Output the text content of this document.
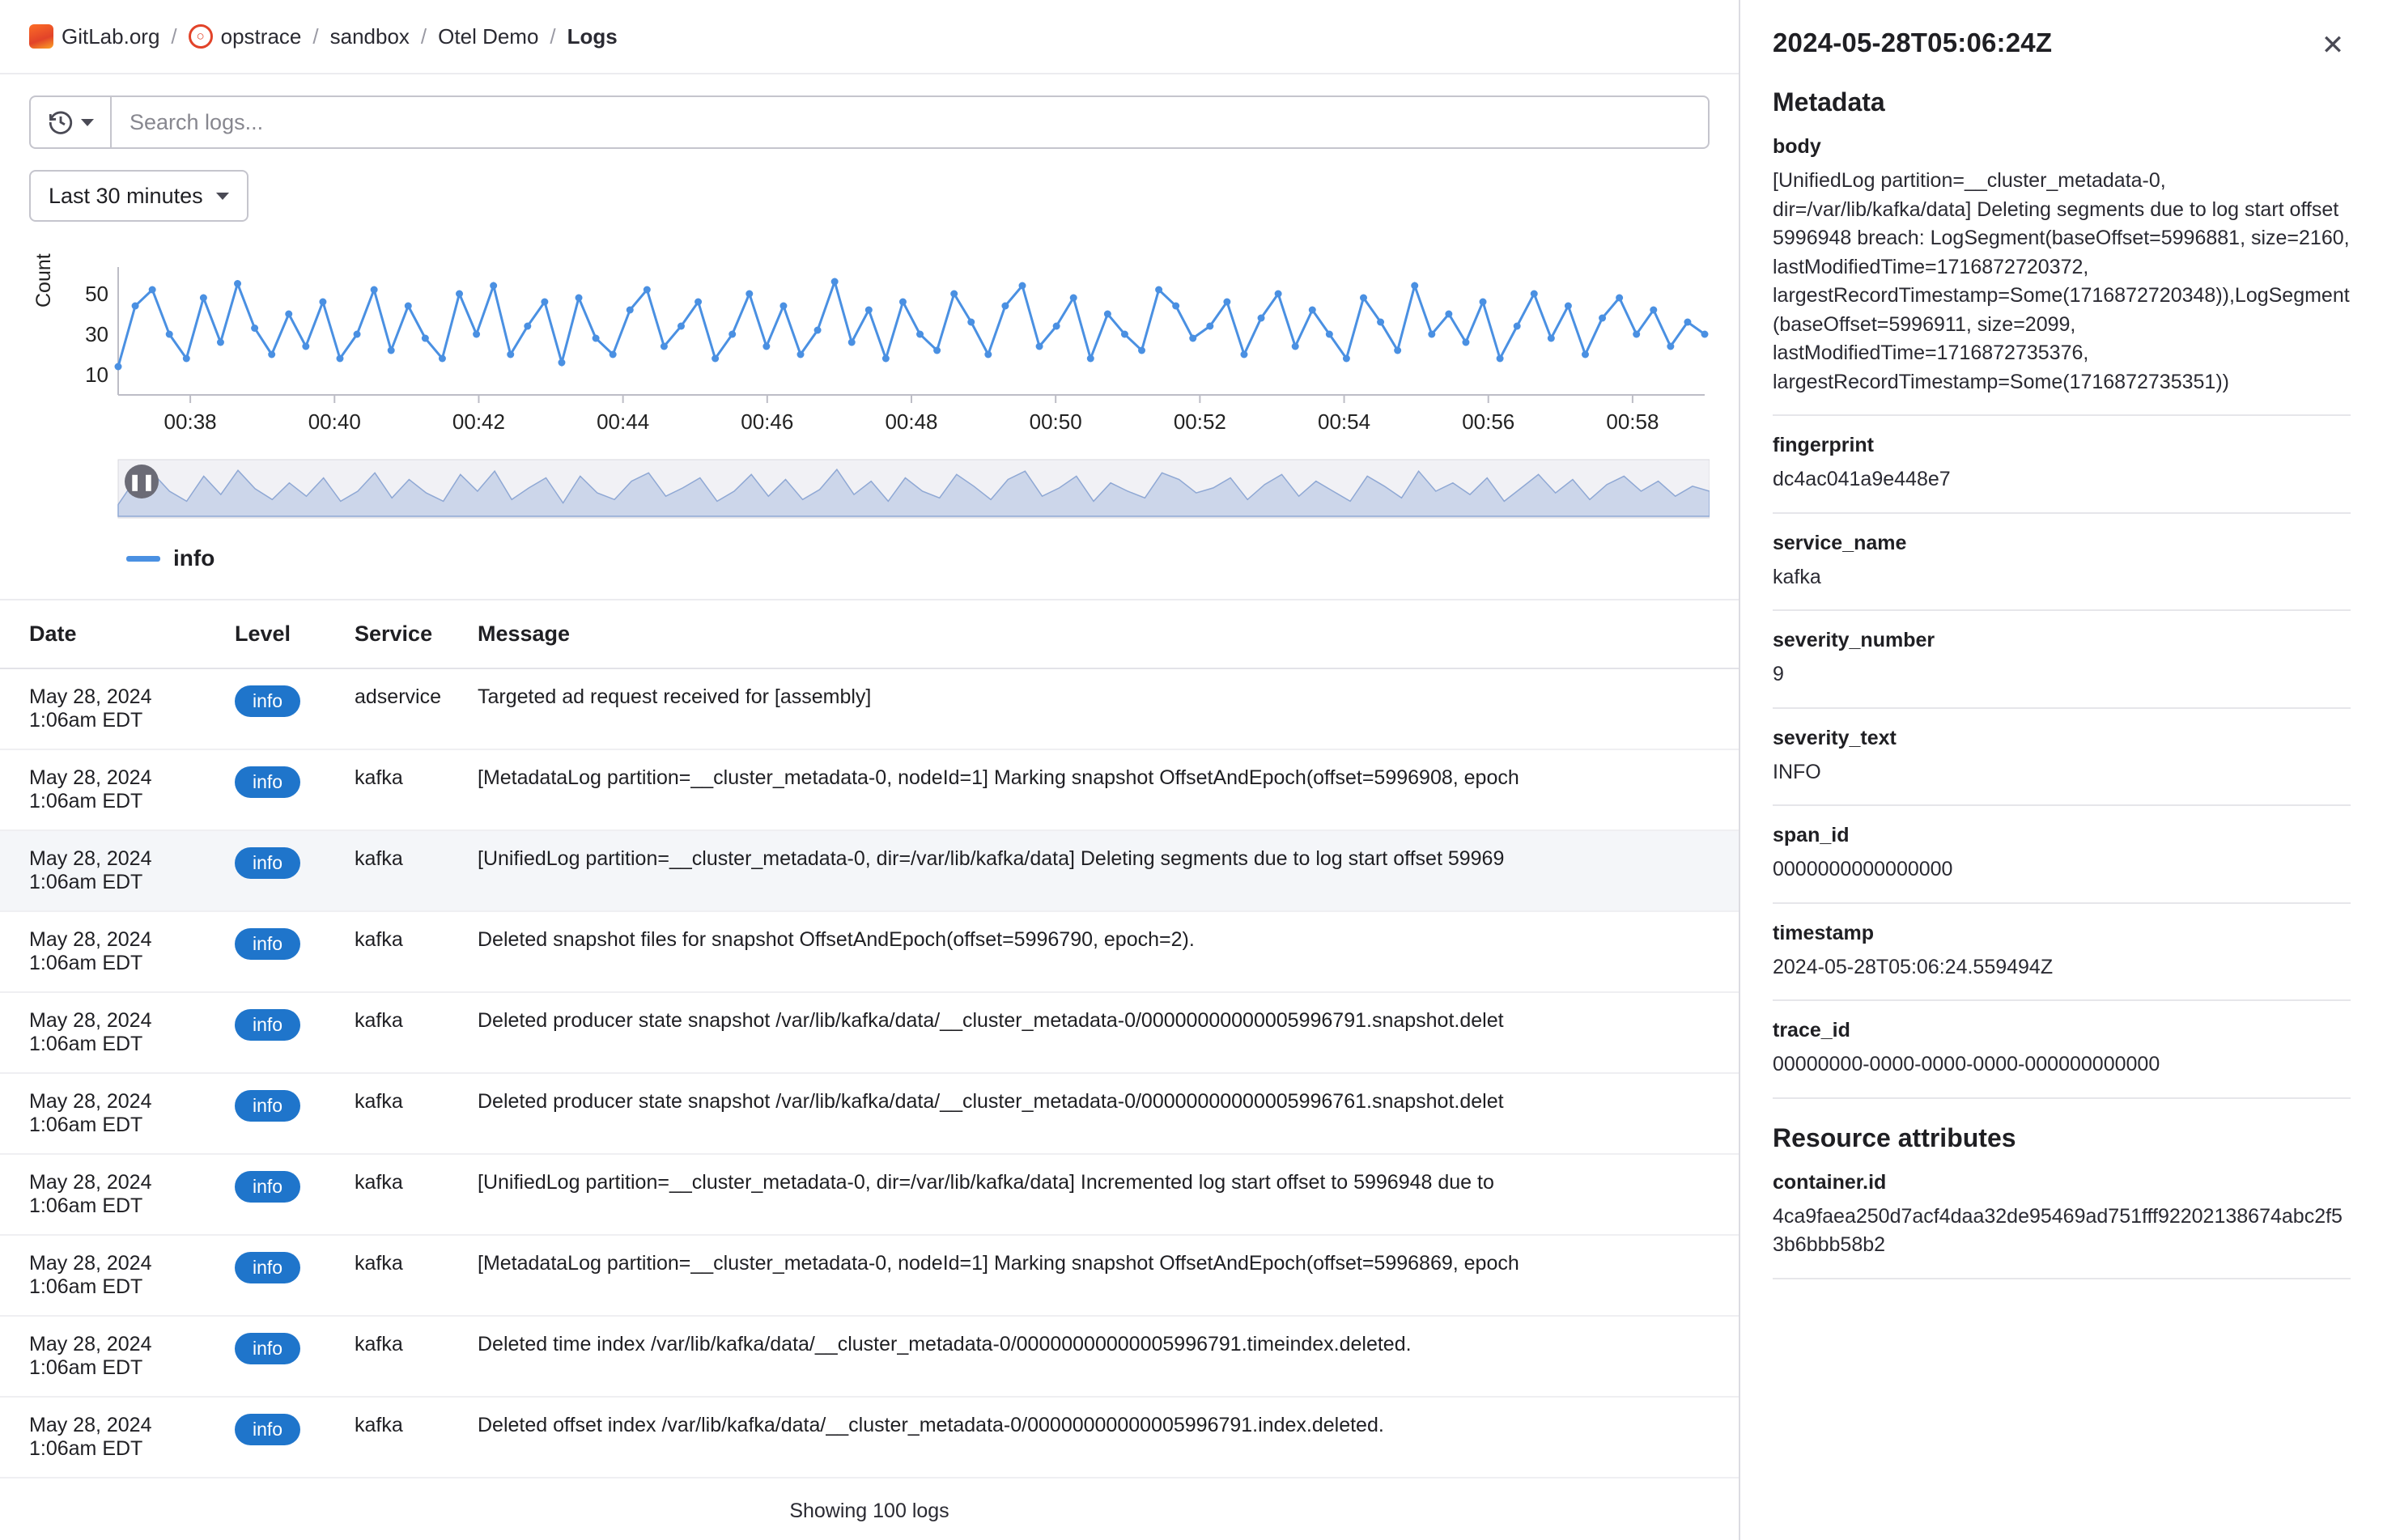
GitLab.org /	○ opstrace / sandbox / Otel Demo / Logs
Search logs...
Last 30 minutes
Count
10
30
50
00:38	00:40	00:42	00:44	00:46	00:48	00:50	00:52	00:54	00:56	00:58
❚❚
info
Date	Level	Service	Message
May 28, 2024
1:06am EDT	info	adservice	Targeted ad request received for [assembly]

May 28, 2024
1:06am EDT	info	kafka	[MetadataLog partition=__cluster_metadata-0, nodeId=1] Marking snapshot OffsetAndEpoch(offset=5996908, epoch

May 28, 2024
1:06am EDT	info	kafka	[UnifiedLog partition=__cluster_metadata-0, dir=/var/lib/kafka/data] Deleting segments due to log start offset 59969

May 28, 2024
1:06am EDT	info	kafka	Deleted snapshot files for snapshot OffsetAndEpoch(offset=5996790, epoch=2).

May 28, 2024
1:06am EDT	info	kafka	Deleted producer state snapshot /var/lib/kafka/data/__cluster_metadata-0/00000000000005996791.snapshot.delet

May 28, 2024
1:06am EDT	info	kafka	Deleted producer state snapshot /var/lib/kafka/data/__cluster_metadata-0/00000000000005996761.snapshot.delet

May 28, 2024
1:06am EDT	info	kafka	[UnifiedLog partition=__cluster_metadata-0, dir=/var/lib/kafka/data] Incremented log start offset to 5996948 due to

May 28, 2024
1:06am EDT	info	kafka	[MetadataLog partition=__cluster_metadata-0, nodeId=1] Marking snapshot OffsetAndEpoch(offset=5996869, epoch

May 28, 2024
1:06am EDT	info	kafka	Deleted time index /var/lib/kafka/data/__cluster_metadata-0/00000000000005996791.timeindex.deleted.

May 28, 2024
1:06am EDT	info	kafka	Deleted offset index /var/lib/kafka/data/__cluster_metadata-0/00000000000005996791.index.deleted.
Showing 100 logs
2024-05-28T05:06:24Z	✕
Metadata
body
[UnifiedLog partition=__cluster_metadata-0, dir=/var/lib/kafka/data] Deleting segments due to log start offset 5996948 breach: LogSegment(baseOffset=5996881, size=2160, lastModifiedTime=1716872720372, largestRecordTimestamp=Some(1716872720348)),LogSegment(baseOffset=5996911, size=2099, lastModifiedTime=1716872735376, largestRecordTimestamp=Some(1716872735351))
fingerprint
dc4ac041a9e448e7
service_name
kafka
severity_number
9
severity_text
INFO
span_id
0000000000000000
timestamp
2024-05-28T05:06:24.559494Z
trace_id
00000000-0000-0000-0000-000000000000
Resource attributes
container.id
4ca9faea250d7acf4daa32de95469ad751fff92202138674abc2f53b6bbb58b2
